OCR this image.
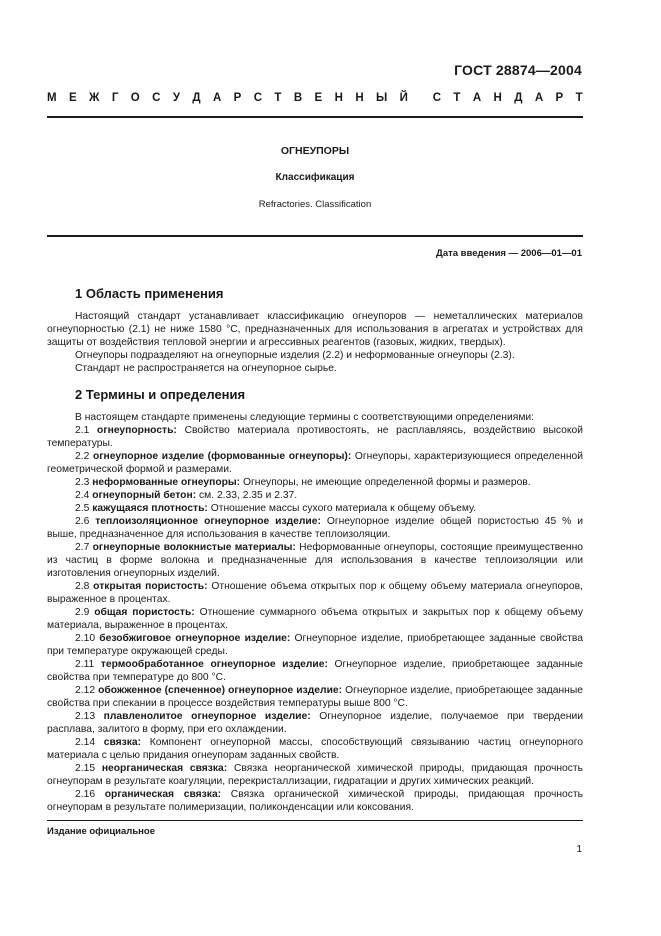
ГОСТ 28874—2004
М Е Ж Г О С У Д А Р С Т В Е Н Н Ы Й С Т А Н Д А Р Т
ОГНЕУПОРЫ
Классификация
Refractories. Classification
Дата введения — 2006—01—01
1 Область применения

Настоящий стандарт устанавливает классификацию огнеупоров — неметаллических материалов огнеупорностью (2.1) не ниже 1580 °С, предназначенных для использования в агрегатах и устройствах для защиты от воздействия тепловой энергии и агрессивных реагентов (газовых, жидких, твердых).

Огнеупоры подразделяют на огнеупорные изделия (2.2) и неформованные огнеупоры (2.3).

Стандарт не распространяется на огнеупорное сырье.

2 Термины и определения

В настоящем стандарте применены следующие термины с соответствующими определениями:

2.1 огнеупорность: Свойство материала противостоять, не расплавляясь, воздействию высокой температуры.

2.2 огнеупорное изделие (формованные огнеупоры): Огнеупоры, характеризующиеся определенной геометрической формой и размерами.

2.3 неформованные огнеупоры: Огнеупоры, не имеющие определенной формы и размеров.

2.4 огнеупорный бетон: см. 2.33, 2.35 и 2.37.

2.5 кажущаяся плотность: Отношение массы сухого материала к общему объему.

2.6 теплоизоляционное огнеупорное изделие: Огнеупорное изделие общей пористостью 45 % и выше, предназначенное для использования в качестве теплоизоляции.

2.7 огнеупорные волокнистые материалы: Неформованные огнеупоры, состоящие преимущественно из частиц в форме волокна и предназначенные для использования в качестве теплоизоляции или изготовления огнеупорных изделий.

2.8 открытая пористость: Отношение объема открытых пор к общему объему материала огнеупоров, выраженное в процентах.

2.9 общая пористость: Отношение суммарного объема открытых и закрытых пор к общему объему материала, выраженное в процентах.

2.10 безобжиговое огнеупорное изделие: Огнеупорное изделие, приобретающее заданные свойства при температуре окружающей среды.

2.11 термообработанное огнеупорное изделие: Огнеупорное изделие, приобретающее заданные свойства при температуре до 800 °С.

2.12 обожженное (спеченное) огнеупорное изделие: Огнеупорное изделие, приобретающее заданные свойства при спекании в процессе воздействия температуры выше 800 °С.

2.13 плавленолитое огнеупорное изделие: Огнеупорное изделие, получаемое при твердении расплава, залитого в форму, при его охлаждении.

2.14 связка: Компонент огнеупорной массы, способствующий связыванию частиц огнеупорного материала с целью придания огнеупорам заданных свойств.

2.15 неорганическая связка: Связка неорганической химической природы, придающая прочность огнеупорам в результате коагуляции, перекристаллизации, гидратации и других химических реакций.

2.16 органическая связка: Связка органической химической природы, придающая прочность огнеупорам в результате полимеризации, поликонденсации или коксования.

Издание официальное
1
